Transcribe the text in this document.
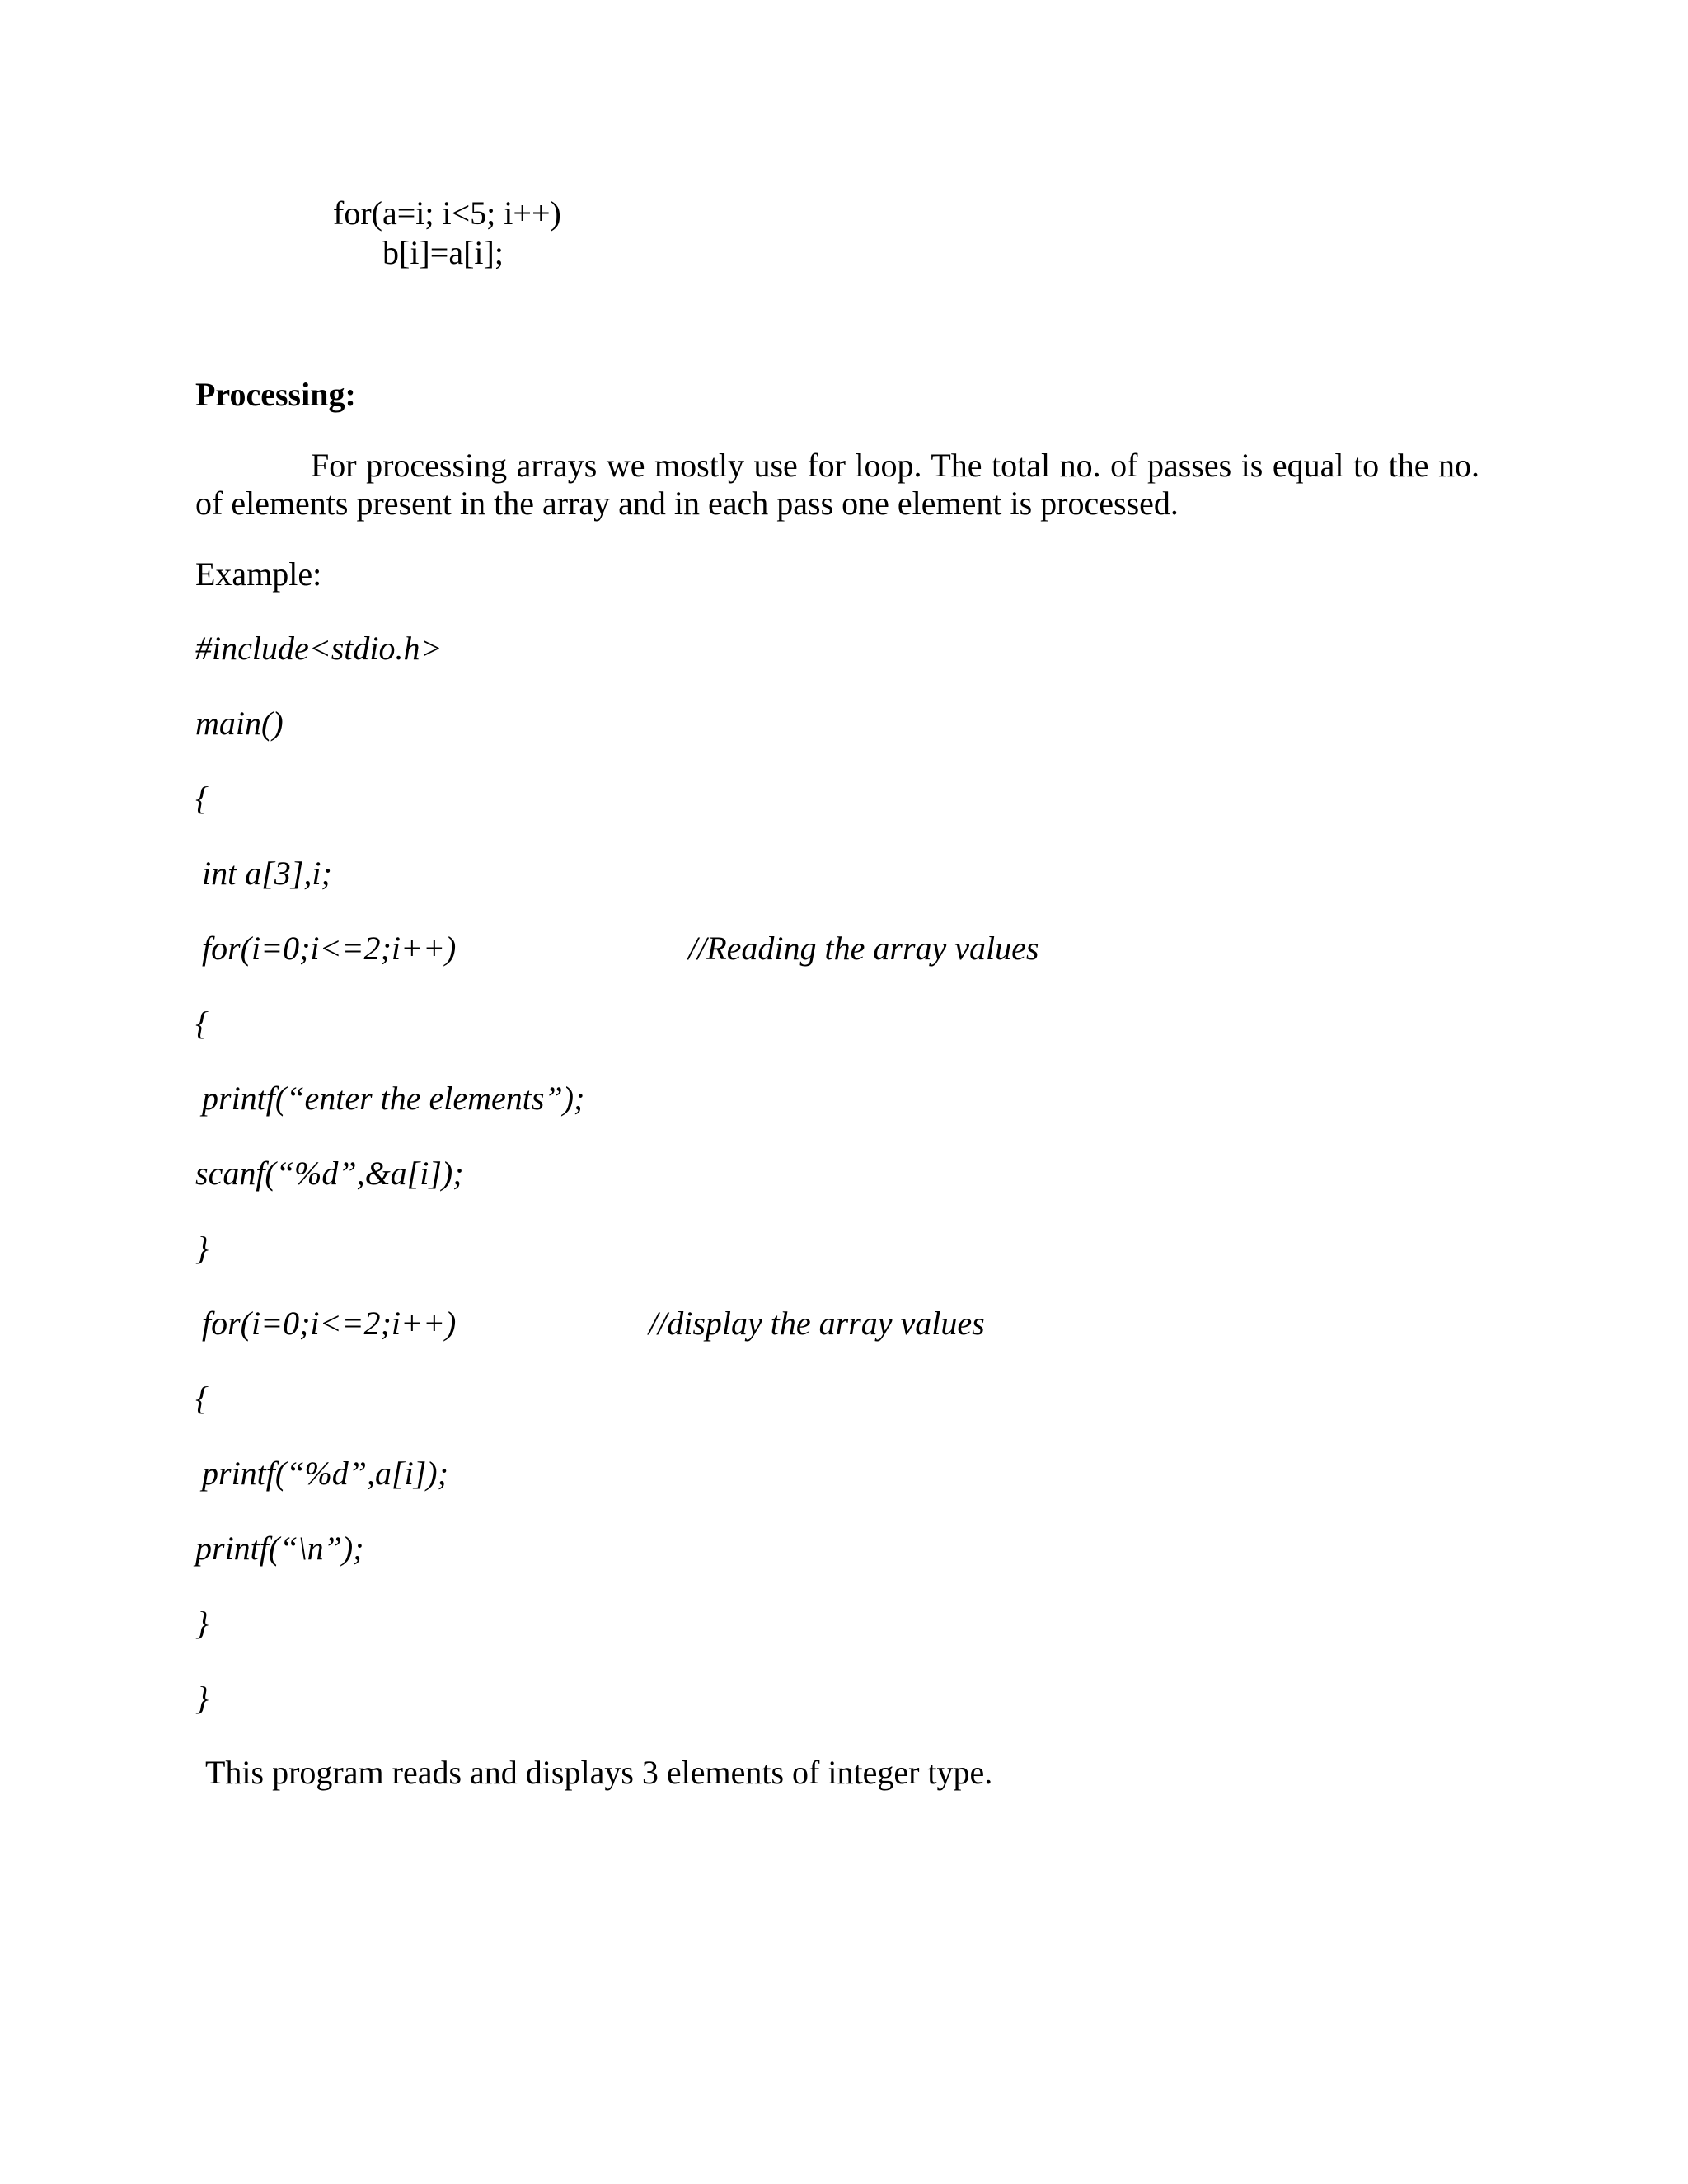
for(a=i; i<5; i++)
b[i]=a[i];
Processing:
For processing arrays we mostly use for loop. The total no. of passes is equal to the no. of elements present in the array and in each pass one element is processed.
Example:
#include<stdio.h>
main()
{
int a[3],i;
for(i=0;i<=2;i++)	//Reading the array values
{
printf(“enter the elements”);
scanf(“%d”,&a[i]);
}
for(i=0;i<=2;i++)	//display the array values
{
printf(“%d”,a[i]);
printf(“\n”);
}
}
This program reads and displays 3 elements of integer type.
